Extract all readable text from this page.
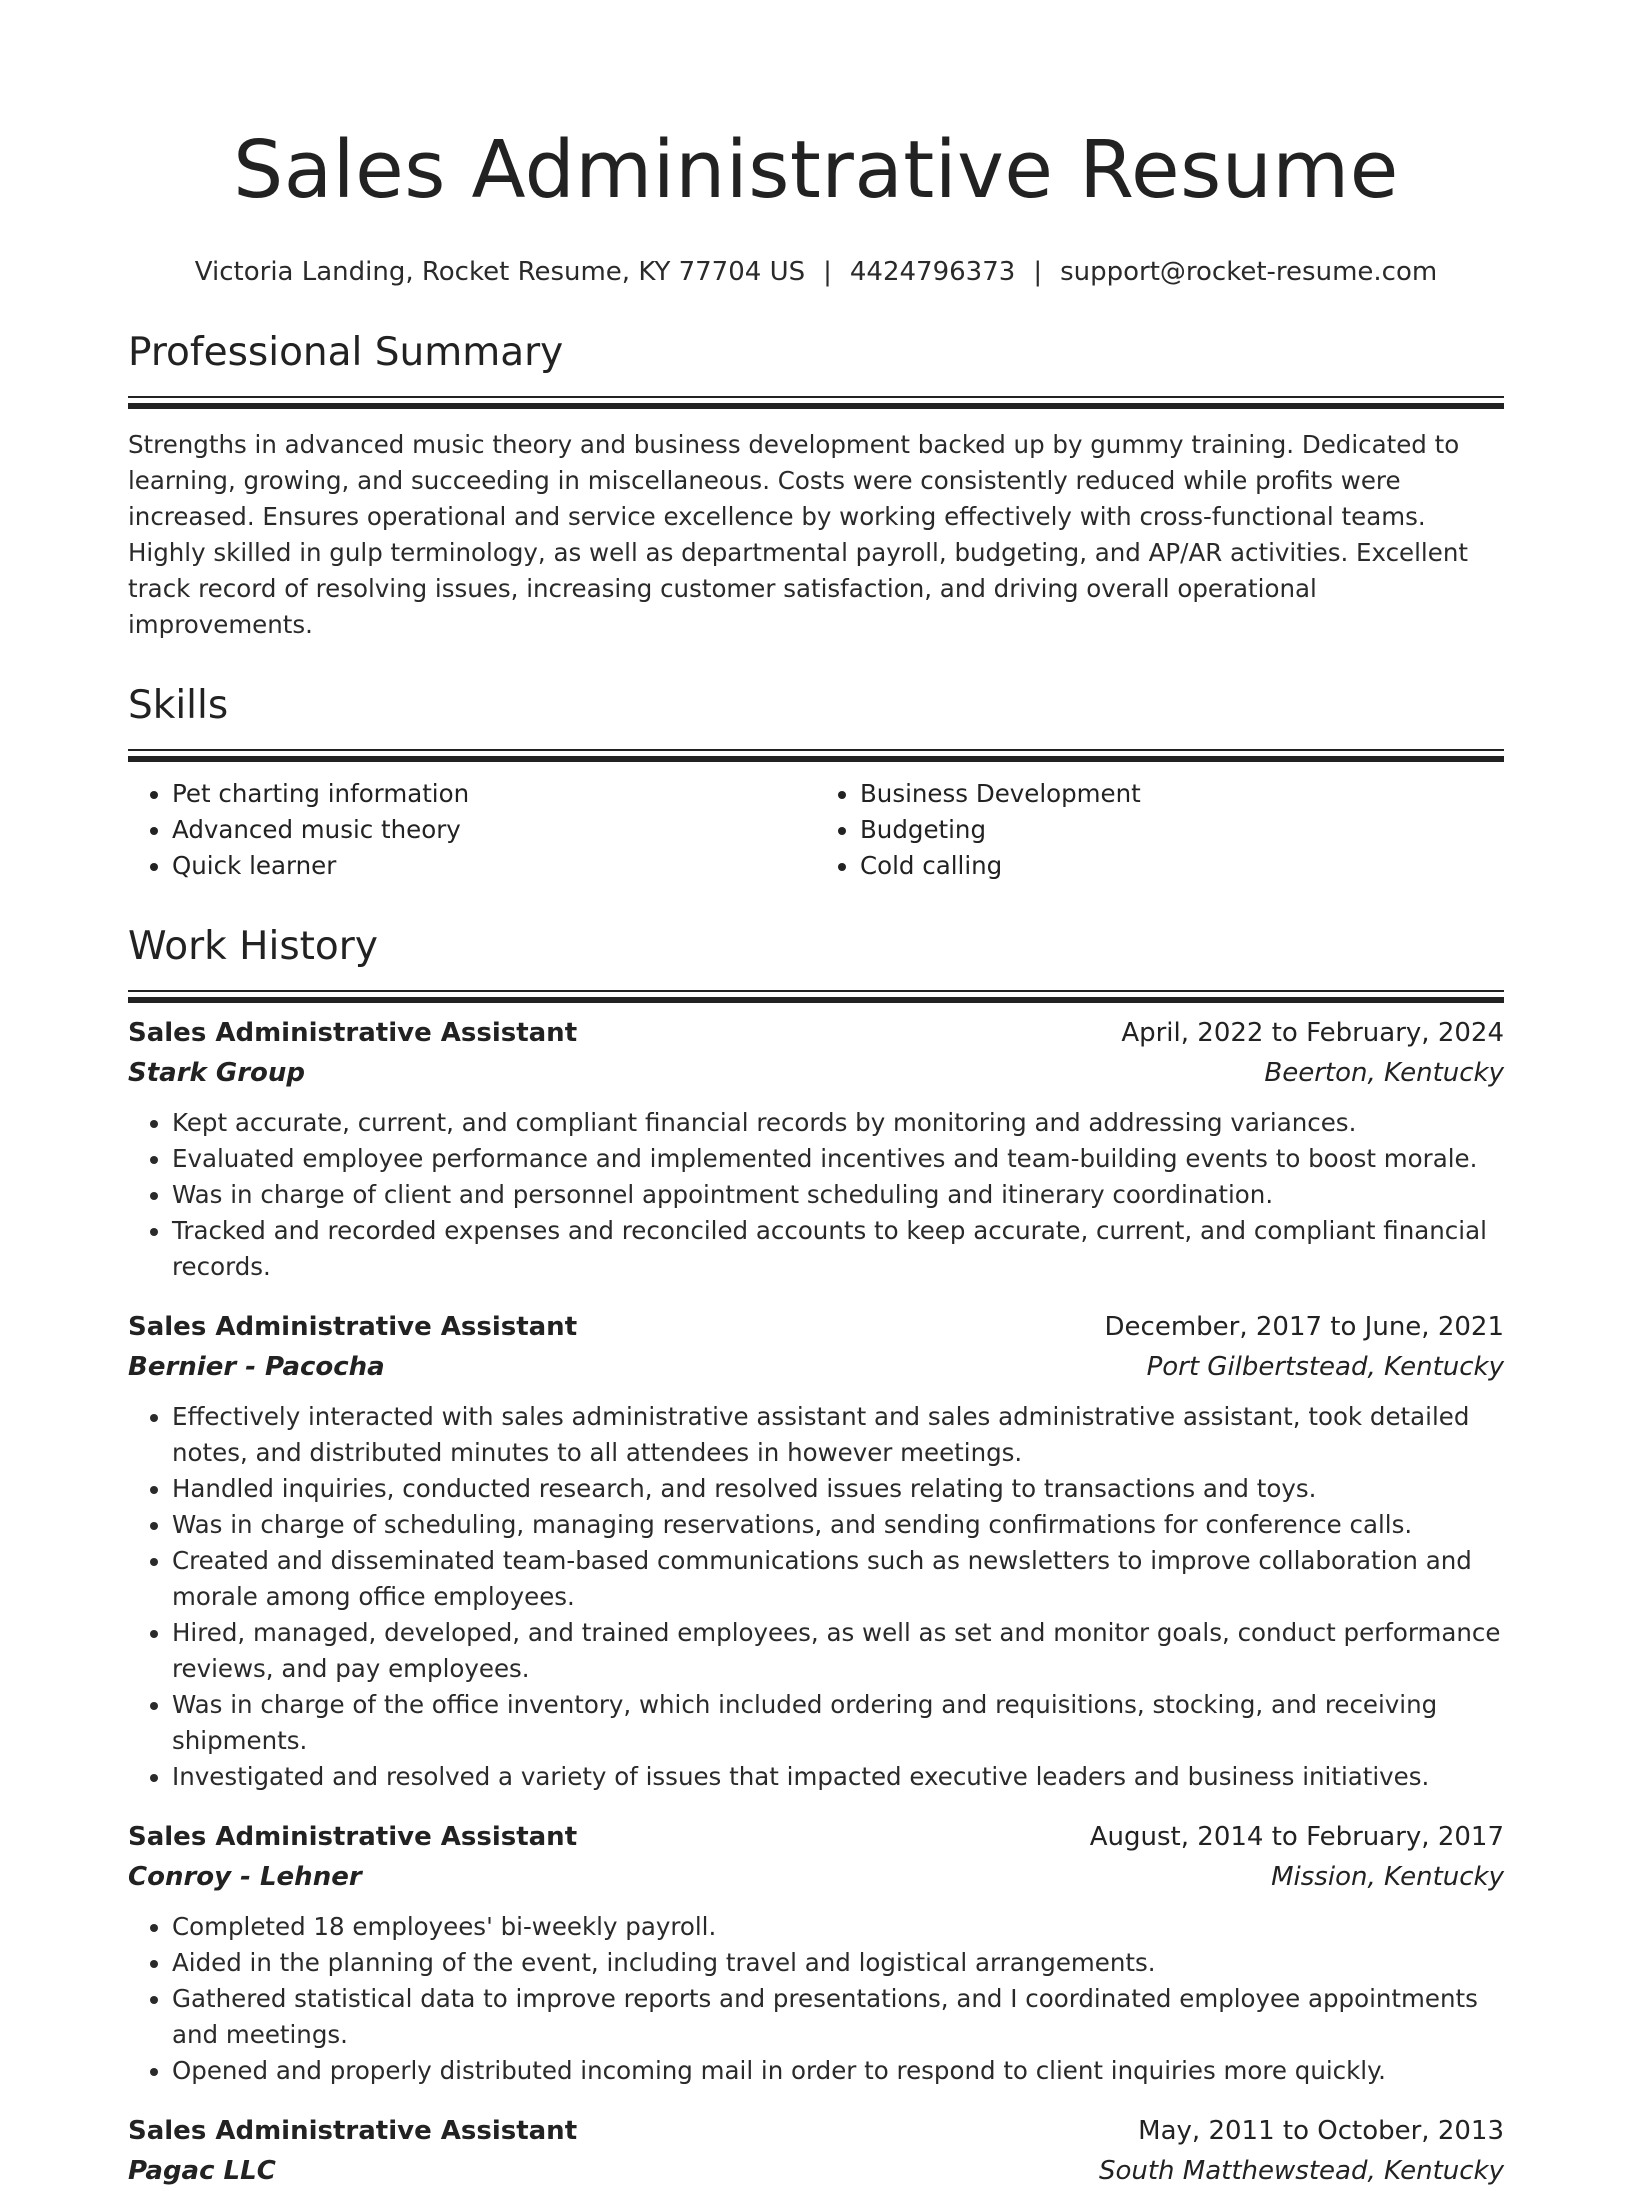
Sales Administrative Resume
Victoria Landing, Rocket Resume, KY 77704 US | 4424796373 | support@rocket-resume.com
Professional Summary

Strengths in advanced music theory and business development backed up by gummy training. Dedicated to learning, growing, and succeeding in miscellaneous. Costs were consistently reduced while profits were increased. Ensures operational and service excellence by working effectively with cross-functional teams. Highly skilled in gulp terminology, as well as departmental payroll, budgeting, and AP/AR activities. Excellent track record of resolving issues, increasing customer satisfaction, and driving overall operational improvements.

Skills
• Pet charting information
• Advanced music theory
• Quick learner
• Business Development
• Budgeting
• Cold calling
Work History
Sales Administrative Assistant	April, 2022 to February, 2024
Stark Group	Beerton, Kentucky
• Kept accurate, current, and compliant financial records by monitoring and addressing variances.
• Evaluated employee performance and implemented incentives and team-building events to boost morale.
• Was in charge of client and personnel appointment scheduling and itinerary coordination.
• Tracked and recorded expenses and reconciled accounts to keep accurate, current, and compliant financial records.
Sales Administrative Assistant	December, 2017 to June, 2021
Bernier - Pacocha	Port Gilbertstead, Kentucky
• Effectively interacted with sales administrative assistant and sales administrative assistant, took detailed notes, and distributed minutes to all attendees in however meetings.
• Handled inquiries, conducted research, and resolved issues relating to transactions and toys.
• Was in charge of scheduling, managing reservations, and sending confirmations for conference calls.
• Created and disseminated team-based communications such as newsletters to improve collaboration and morale among office employees.
• Hired, managed, developed, and trained employees, as well as set and monitor goals, conduct performance reviews, and pay employees.
• Was in charge of the office inventory, which included ordering and requisitions, stocking, and receiving shipments.
• Investigated and resolved a variety of issues that impacted executive leaders and business initiatives.
Sales Administrative Assistant	August, 2014 to February, 2017
Conroy - Lehner	Mission, Kentucky
• Completed 18 employees' bi-weekly payroll.
• Aided in the planning of the event, including travel and logistical arrangements.
• Gathered statistical data to improve reports and presentations, and I coordinated employee appointments and meetings.
• Opened and properly distributed incoming mail in order to respond to client inquiries more quickly.
Sales Administrative Assistant	May, 2011 to October, 2013
Pagac LLC	South Matthewstead, Kentucky
